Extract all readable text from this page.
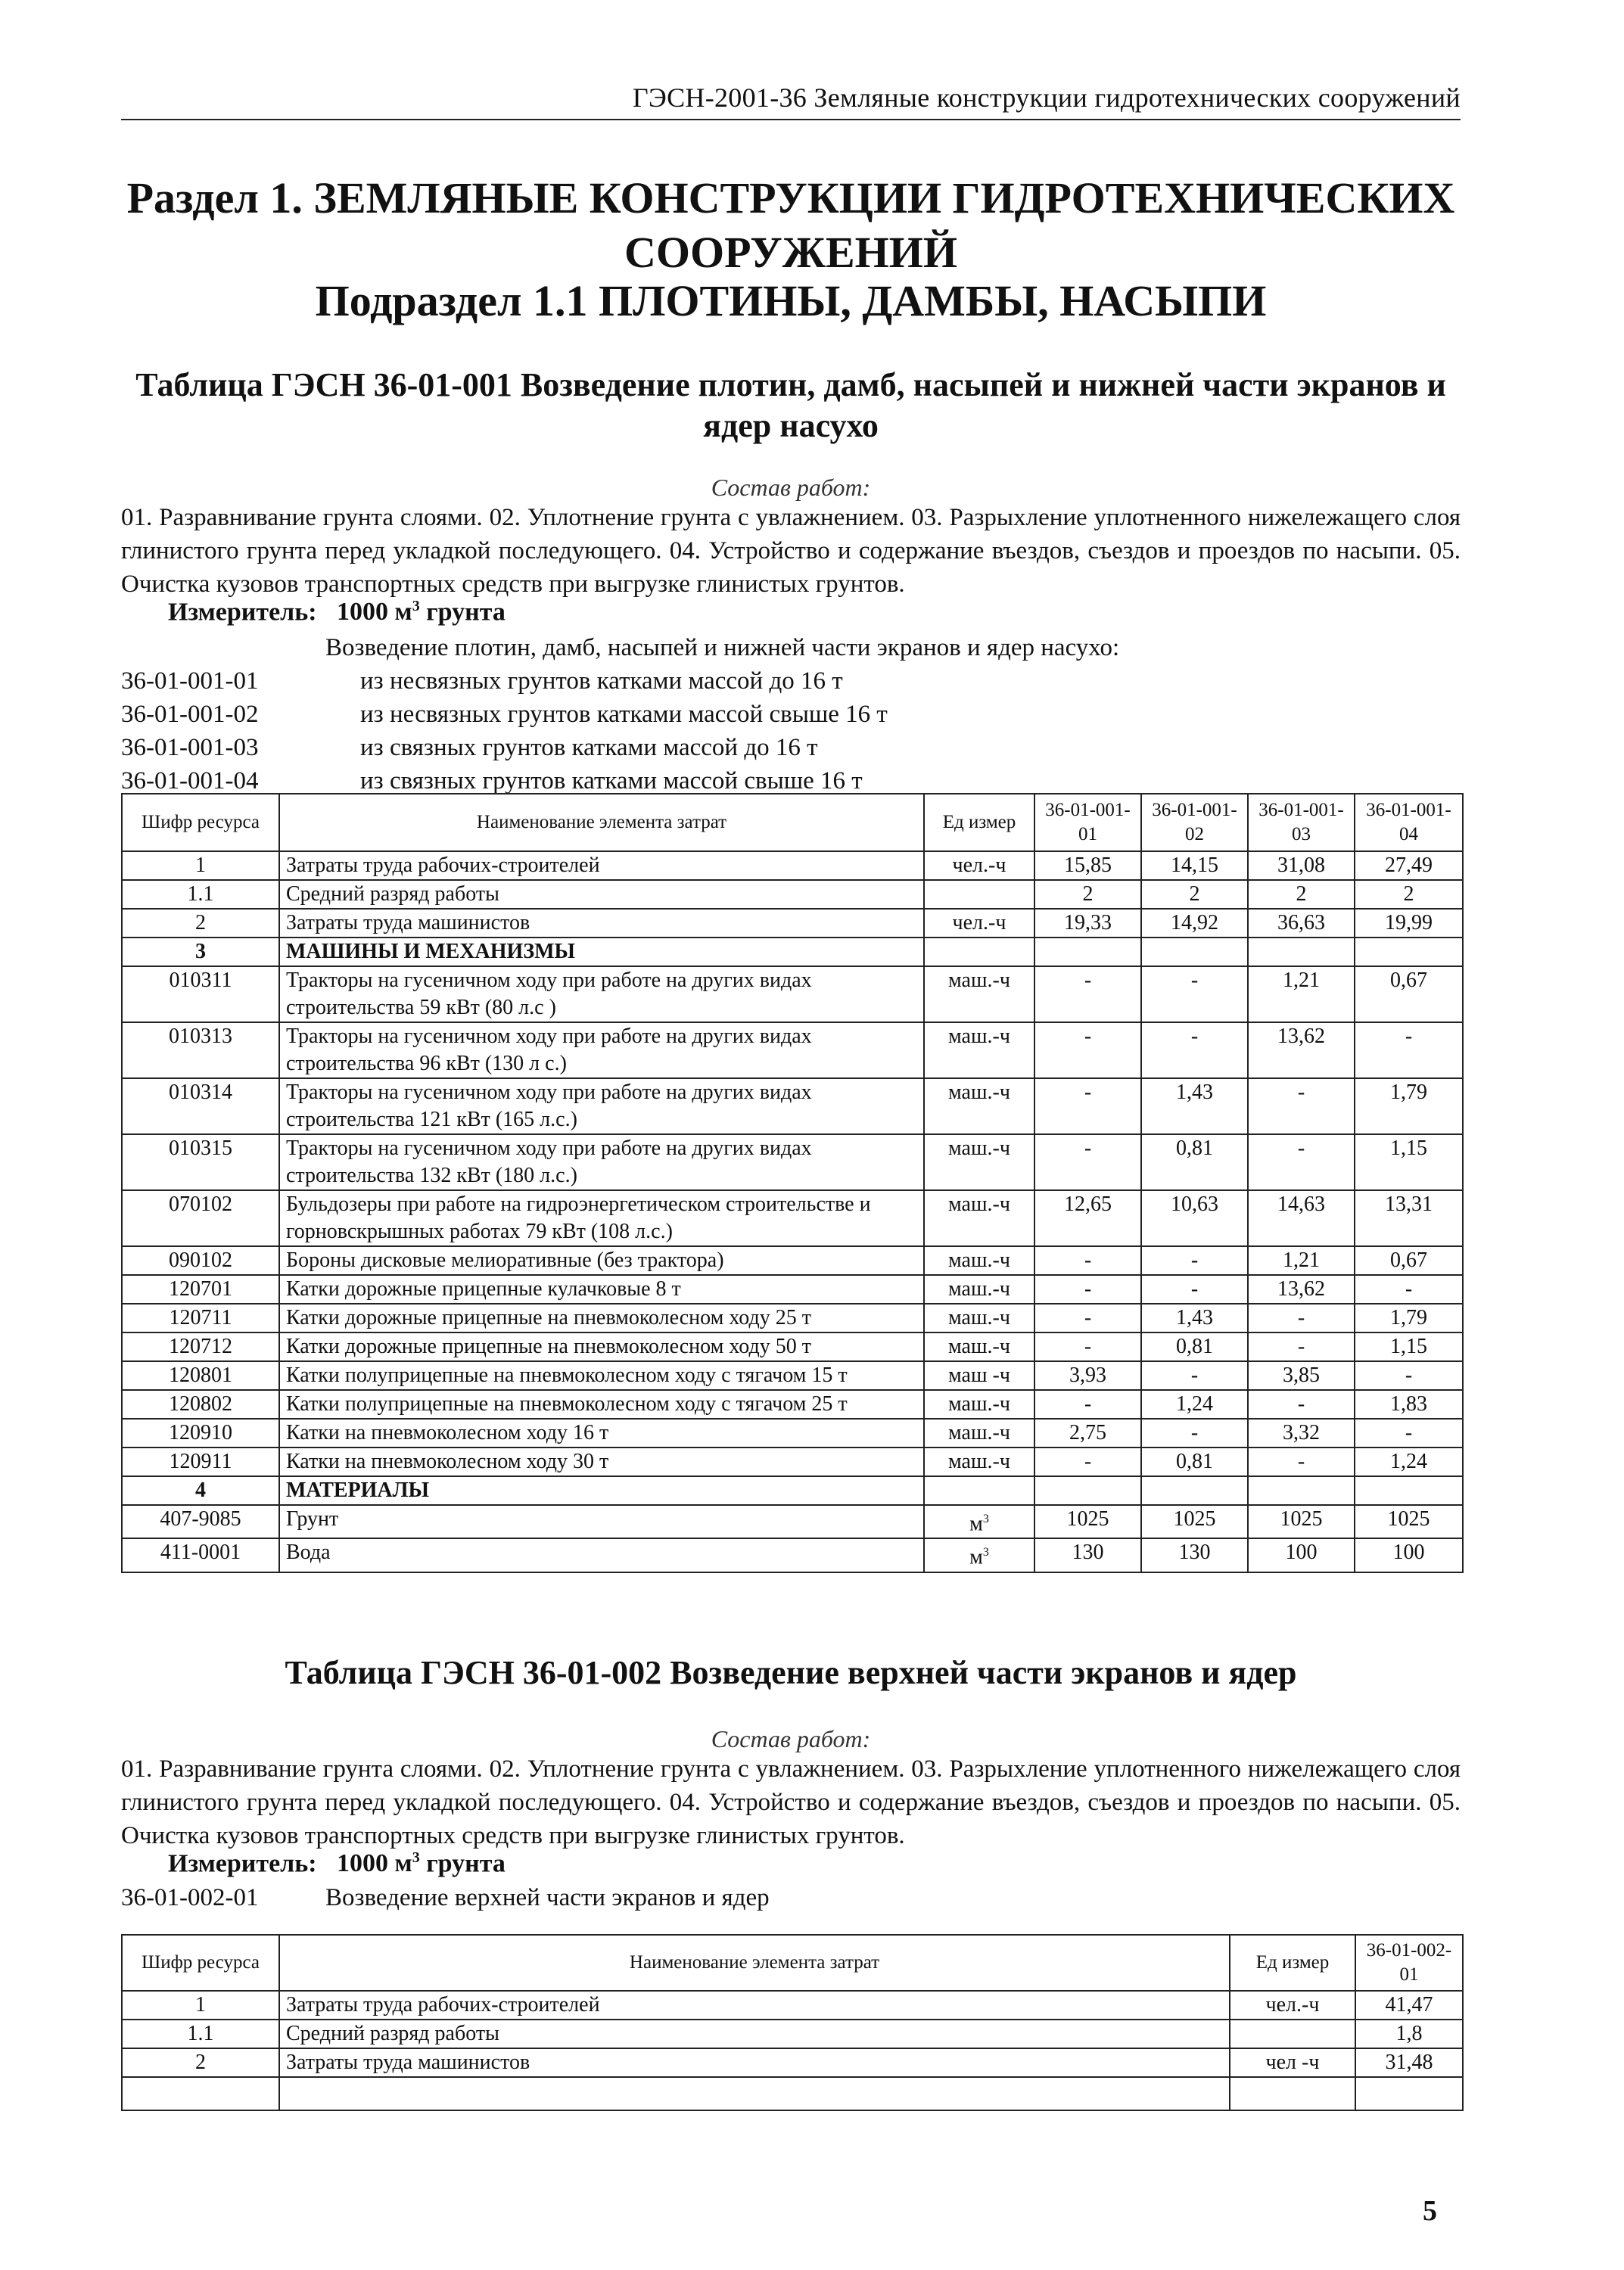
ГЭСН-2001-36 Земляные конструкции гидротехнических сооружений
Раздел 1. ЗЕМЛЯНЫЕ КОНСТРУКЦИИ ГИДРОТЕХНИЧЕСКИХ СООРУЖЕНИЙ
Подраздел 1.1 ПЛОТИНЫ, ДАМБЫ, НАСЫПИ
Таблица ГЭСН 36-01-001 Возведение плотин, дамб, насыпей и нижней части экранов и ядер насухо
Состав работ:
01. Разравнивание грунта слоями. 02. Уплотнение грунта с увлажнением. 03. Разрыхление уплотненного нижележащего слоя глинистого грунта перед укладкой последующего. 04. Устройство и содержание въездов, съездов и проездов по насыпи. 05. Очистка кузовов транспортных средств при выгрузке глинистых грунтов.
Измеритель: 1000 $м^3$ грунта
Возведение плотин, дамб, насыпей и нижней части экранов и ядер насухо:
36-01-001-01	из несвязных грунтов катками массой до 16 т
36-01-001-02	из несвязных грунтов катками массой свыше 16 т
36-01-001-03	из связных грунтов катками массой до 16 т
36-01-001-04	из связных грунтов катками массой свыше 16 т
Шифр ресурса	Наименование элемента затрат	Ед измер	36-01-001-01	36-01-001-02	36-01-001-03	36-01-001-04
1	Затраты труда рабочих-строителей	чел.-ч	15,85	14,15	31,08	27,49
1.1	Средний разряд работы		2	2	2	2
2	Затраты труда машинистов	чел.-ч	19,33	14,92	36,63	19,99
3	МАШИНЫ И МЕХАНИЗМЫ					
010311	Тракторы на гусеничном ходу при работе на других видах строительства 59 кВт (80 л.с )	маш.-ч	-	-	1,21	0,67
010313	Тракторы на гусеничном ходу при работе на других видах строительства 96 кВт (130 л с.)	маш.-ч	-	-	13,62	-
010314	Тракторы на гусеничном ходу при работе на других видах строительства 121 кВт (165 л.с.)	маш.-ч	-	1,43	-	1,79
010315	Тракторы на гусеничном ходу при работе на других видах строительства 132 кВт (180 л.с.)	маш.-ч	-	0,81	-	1,15
070102	Бульдозеры при работе на гидроэнергетическом строительстве и горновскрышных работах 79 кВт (108 л.с.)	маш.-ч	12,65	10,63	14,63	13,31
090102	Бороны дисковые мелиоративные (без трактора)	маш.-ч	-	-	1,21	0,67
120701	Катки дорожные прицепные кулачковые 8 т	маш.-ч	-	-	13,62	-
120711	Катки дорожные прицепные на пневмоколесном ходу 25 т	маш.-ч	-	1,43	-	1,79
120712	Катки дорожные прицепные на пневмоколесном ходу 50 т	маш.-ч	-	0,81	-	1,15
120801	Катки полуприцепные на пневмоколесном ходу с тягачом 15 т	маш -ч	3,93	-	3,85	-
120802	Катки полуприцепные на пневмоколесном ходу с тягачом 25 т	маш.-ч	-	1,24	-	1,83
120910	Катки на пневмоколесном ходу 16 т	маш.-ч	2,75	-	3,32	-
120911	Катки на пневмоколесном ходу 30 т	маш.-ч	-	0,81	-	1,24
4	МАТЕРИАЛЫ					
407-9085	Грунт	$м^3$	1025	1025	1025	1025
411-0001	Вода	$м^3$	130	130	100	100
Таблица ГЭСН 36-01-002 Возведение верхней части экранов и ядер
Состав работ:
01. Разравнивание грунта слоями. 02. Уплотнение грунта с увлажнением. 03. Разрыхление уплотненного нижележащего слоя глинистого грунта перед укладкой последующего. 04. Устройство и содержание въездов, съездов и проездов по насыпи. 05. Очистка кузовов транспортных средств при выгрузке глинистых грунтов.
Измеритель: 1000 $м^3$ грунта
36-01-002-01	Возведение верхней части экранов и ядер
Шифр ресурса	Наименование элемента затрат	Ед измер	36-01-002-01
1	Затраты труда рабочих-строителей	чел.-ч	41,47
1.1	Средний разряд работы		1,8
2	Затраты труда машинистов	чел -ч	31,48

5
